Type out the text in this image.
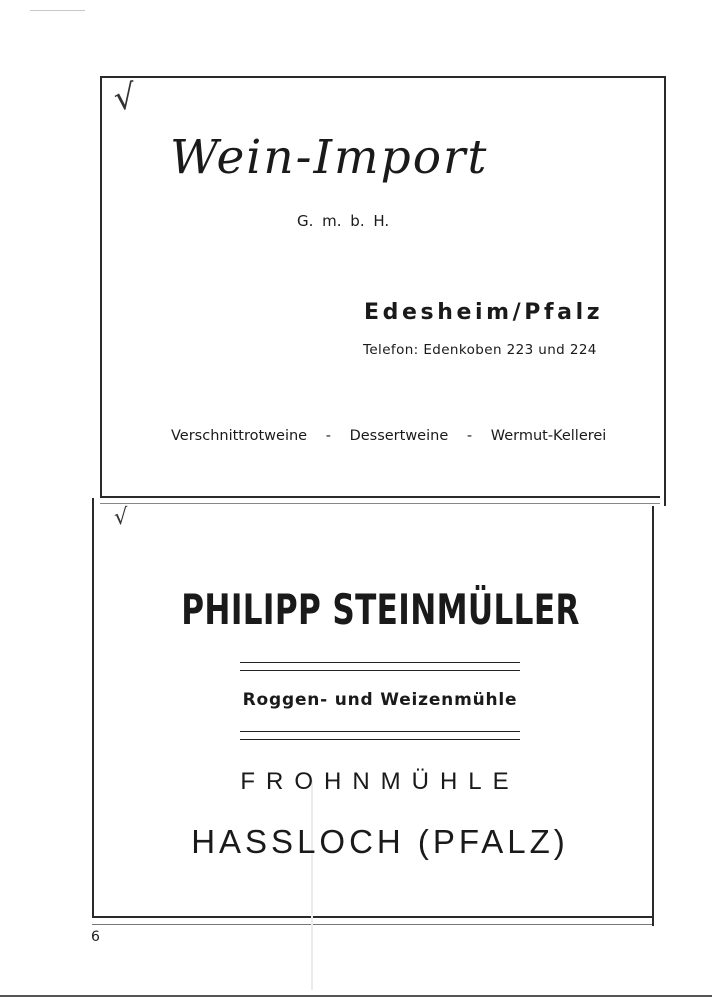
√
Wein-Import
G. m. b. H.
Edesheim/Pfalz
Telefon: Edenkoben 223 und 224
Verschnittrotweine - Dessertweine - Wermut-Kellerei
√
PHILIPP STEINMÜLLER
Roggen- und Weizenmühle
FROHNMÜHLE
HASSLOCH (PFALZ)
6
